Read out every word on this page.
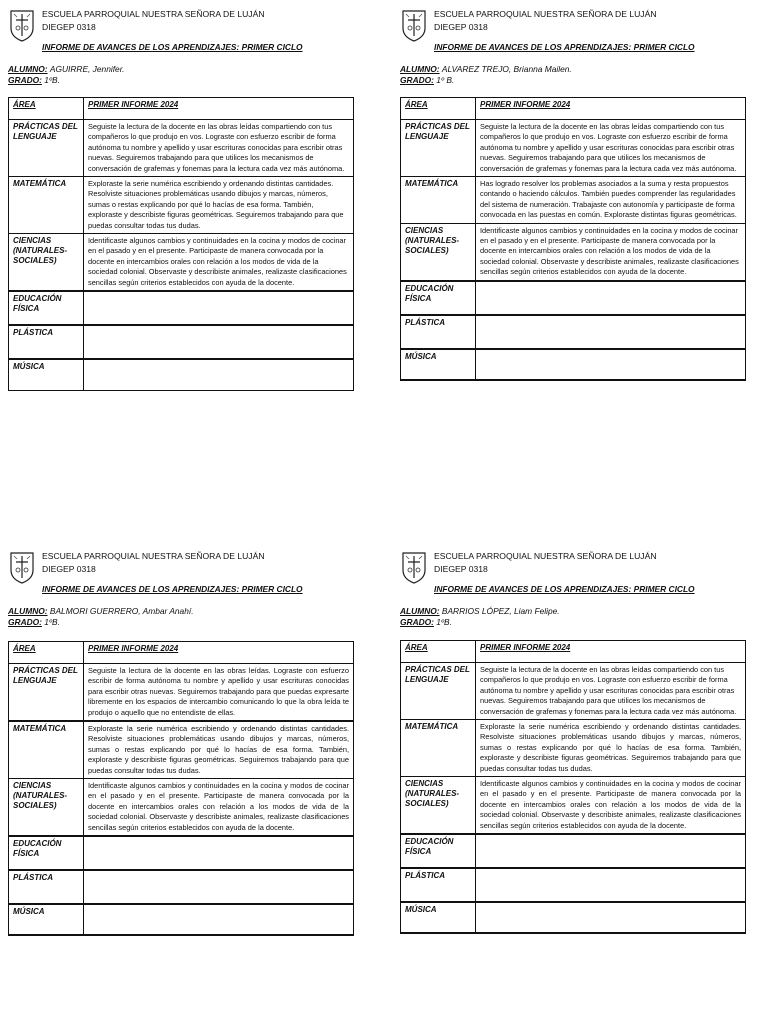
ESCUELA PARROQUIAL NUESTRA SEÑORA DE LUJÁN
DIEGEP 0318
INFORME DE AVANCES DE LOS APRENDIZAJES: PRIMER CICLO
ALUMNO: AGUIRRE, Jennifer.
GRADO: 1ºB.
ÁREA	PRIMER INFORME 2024
PRÁCTICAS DEL LENGUAJE	Seguiste la lectura de la docente en las obras leídas compartiendo con tus compañeros lo que produjo en vos. Lograste con esfuerzo escribir de forma autónoma tu nombre y apellido y usar escrituras conocidas para escribir otras nuevas. Seguiremos trabajando para que utilices los mecanismos de conversación de grafemas y fonemas para la lectura cada vez más autónoma.
MATEMÁTICA	Exploraste la serie numérica escribiendo y ordenando distintas cantidades. Resolviste situaciones problemáticas usando dibujos y marcas, números, sumas o restas explicando por qué lo hacías de esa forma. También, exploraste y describiste figuras geométricas. Seguiremos trabajando para que puedas consultar todas tus dudas.
CIENCIAS (NATURALES-SOCIALES)	Identificaste algunos cambios y continuidades en la cocina y modos de cocinar en el pasado y en el presente. Participaste de manera convocada por la docente en intercambios orales con relación a los modos de vida de la sociedad colonial. Observaste y describiste animales, realizaste clasificaciones sencillas según criterios establecidos con ayuda de la docente.
EDUCACIÓN FÍSICA	
PLÁSTICA	
MÚSICA	
ESCUELA PARROQUIAL NUESTRA SEÑORA DE LUJÁN
DIEGEP 0318
INFORME DE AVANCES DE LOS APRENDIZAJES: PRIMER CICLO
ALUMNO: ALVAREZ TREJO, Brianna Mailen.
GRADO: 1º B.
ÁREA	PRIMER INFORME 2024
PRÁCTICAS DEL LENGUAJE	Seguiste la lectura de la docente en las obras leídas compartiendo con tus compañeros lo que produjo en vos. Lograste con esfuerzo escribir de forma autónoma tu nombre y apellido y usar escrituras conocidas para escribir otras nuevas. Seguiremos trabajando para que utilices los mecanismos de conversación de grafemas y fonemas para la lectura cada vez más autónoma.
MATEMÁTICA	Has logrado resolver los problemas asociados a la suma y resta propuestos contando o haciendo cálculos. También puedes comprender las regularidades del sistema de numeración. Trabajaste con autonomía y participaste de forma convocada en las puestas en común. Exploraste distintas figuras geométricas.
CIENCIAS (NATURALES-SOCIALES)	Identificaste algunos cambios y continuidades en la cocina y modos de cocinar en el pasado y en el presente. Participaste de manera convocada por la docente en intercambios orales con relación a los modos de vida de la sociedad colonial. Observaste y describiste animales, realizaste clasificaciones sencillas según criterios establecidos con ayuda de la docente.
EDUCACIÓN FÍSICA	
PLÁSTICA	
MÚSICA	
ESCUELA PARROQUIAL NUESTRA SEÑORA DE LUJÁN
DIEGEP 0318
INFORME DE AVANCES DE LOS APRENDIZAJES: PRIMER CICLO
ALUMNO: BALMORI GUERRERO, Ambar Anahí.
GRADO: 1ºB.
ÁREA	PRIMER INFORME 2024
PRÁCTICAS DEL LENGUAJE	Seguiste la lectura de la docente en las obras leídas. Lograste con esfuerzo escribir de forma autónoma tu nombre y apellido y usar escrituras conocidas para escribir otras nuevas. Seguiremos trabajando para que puedas expresarte libremente en los espacios de intercambio comunicando lo que la obra leída te produjo o aquello que no entendiste de ellas.
MATEMÁTICA	Exploraste la serie numérica escribiendo y ordenando distintas cantidades. Resolviste situaciones problemáticas usando dibujos y marcas, números, sumas o restas explicando por qué lo hacías de esa forma. También, exploraste y describiste figuras geométricas. Seguiremos trabajando para que puedas consultar todas tus dudas.
CIENCIAS (NATURALES-SOCIALES)	Identificaste algunos cambios y continuidades en la cocina y modos de cocinar en el pasado y en el presente. Participaste de manera convocada por la docente en intercambios orales con relación a los modos de vida de la sociedad colonial. Observaste y describiste animales, realizaste clasificaciones sencillas según criterios establecidos con ayuda de la docente.
EDUCACIÓN FÍSICA	
PLÁSTICA	
MÚSICA	
ESCUELA PARROQUIAL NUESTRA SEÑORA DE LUJÁN
DIEGEP 0318
INFORME DE AVANCES DE LOS APRENDIZAJES: PRIMER CICLO
ALUMNO: BARRIOS LÓPEZ, Liam Felipe.
GRADO: 1ºB.
ÁREA	PRIMER INFORME 2024
PRÁCTICAS DEL LENGUAJE	Seguiste la lectura de la docente en las obras leídas compartiendo con tus compañeros lo que produjo en vos. Lograste con esfuerzo escribir de forma autónoma tu nombre y apellido y usar escrituras conocidas para escribir otras nuevas. Seguiremos trabajando para que utilices los mecanismos de conversación de grafemas y fonemas para la lectura cada vez más autónoma.
MATEMÁTICA	Exploraste la serie numérica escribiendo y ordenando distintas cantidades. Resolviste situaciones problemáticas usando dibujos y marcas, números, sumas o restas explicando por qué lo hacías de esa forma. También, exploraste y describiste figuras geométricas. Seguiremos trabajando para que puedas consultar todas tus dudas.
CIENCIAS (NATURALES-SOCIALES)	Identificaste algunos cambios y continuidades en la cocina y modos de cocinar en el pasado y en el presente. Participaste de manera convocada por la docente en intercambios orales con relación a los modos de vida de la sociedad colonial. Observaste y describiste animales, realizaste clasificaciones sencillas según criterios establecidos con ayuda de la docente.
EDUCACIÓN FÍSICA	
PLÁSTICA	
MÚSICA	
